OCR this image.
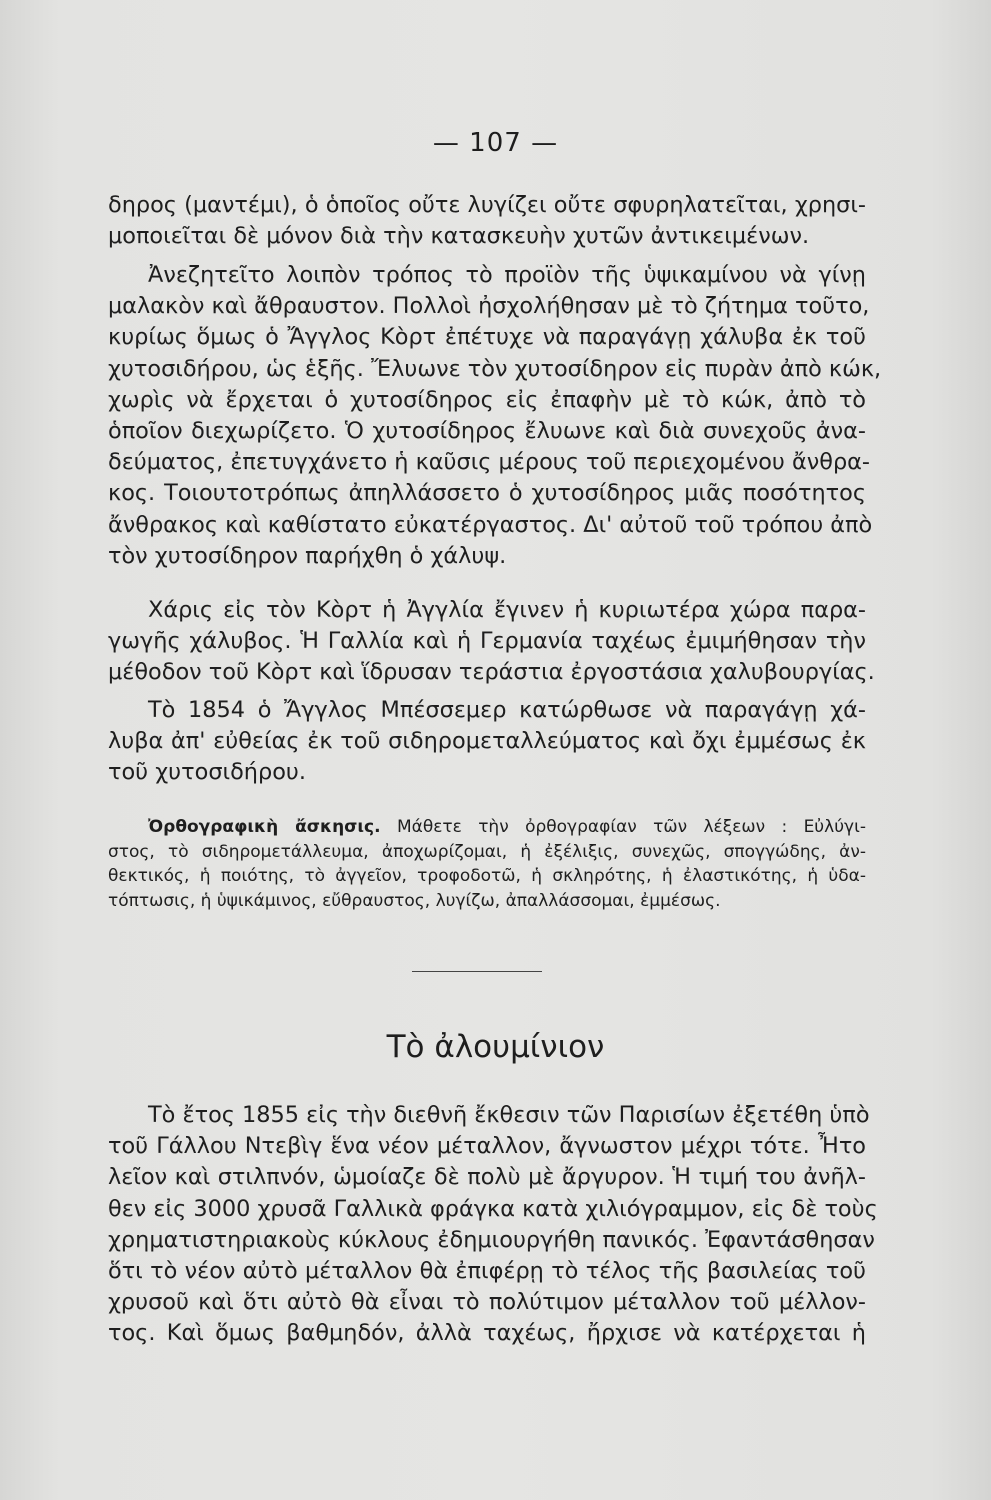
— 107 —
δηρος (μαντέμι), ὁ ὁποῖος οὔτε λυγίζει οὔτε σφυρηλατεῖται, χρησι-
μοποιεῖται δὲ μόνον διὰ τὴν κατασκευὴν χυτῶν ἀντικειμένων.
Ἀνεζητεῖτο λοιπὸν τρόπος τὸ προϊὸν τῆς ὑψικαμίνου νὰ γίνῃ
μαλακὸν καὶ ἄθραυστον. Πολλοὶ ἠσχολήθησαν μὲ τὸ ζήτημα τοῦτο,
κυρίως ὅμως ὁ Ἄγγλος Κὸρτ ἐπέτυχε νὰ παραγάγῃ χάλυβα ἐκ τοῦ
χυτοσιδήρου, ὡς ἑξῆς. Ἔλυωνε τὸν χυτοσίδηρον εἰς πυρὰν ἀπὸ κώκ,
χωρὶς νὰ ἔρχεται ὁ χυτοσίδηρος εἰς ἐπαφὴν μὲ τὸ κώκ, ἀπὸ τὸ
ὁποῖον διεχωρίζετο. Ὁ χυτοσίδηρος ἔλυωνε καὶ διὰ συνεχοῦς ἀνα-
δεύματος, ἐπετυγχάνετο ἡ καῦσις μέρους τοῦ περιεχομένου ἄνθρα-
κος. Τοιουτοτρόπως ἀπηλλάσσετο ὁ χυτοσίδηρος μιᾶς ποσότητος
ἄνθρακος καὶ καθίστατο εὐκατέργαστος. Δι' αὐτοῦ τοῦ τρόπου ἀπὸ
τὸν χυτοσίδηρον παρήχθη ὁ χάλυψ.
Χάρις εἰς τὸν Κὸρτ ἡ Ἀγγλία ἔγινεν ἡ κυριωτέρα χώρα παρα-
γωγῆς χάλυβος. Ἡ Γαλλία καὶ ἡ Γερμανία ταχέως ἐμιμήθησαν τὴν
μέθοδον τοῦ Κὸρτ καὶ ἵδρυσαν τεράστια ἐργοστάσια χαλυβουργίας.
Τὸ 1854 ὁ Ἄγγλος Μπέσσεμερ κατώρθωσε νὰ παραγάγῃ χά-
λυβα ἀπ' εὐθείας ἐκ τοῦ σιδηρομεταλλεύματος καὶ ὄχι ἐμμέσως ἐκ
τοῦ χυτοσιδήρου.
Ὀρθογραφικὴ ἄσκησις. Μάθετε τὴν ὀρθογραφίαν τῶν λέξεων : Εὐλύγι-
στος, τὸ σιδηρομετάλλευμα, ἀποχωρίζομαι, ἡ ἐξέλιξις, συνεχῶς, σπογγώδης, ἀν-
θεκτικός, ἡ ποιότης, τὸ ἀγγεῖον, τροφοδοτῶ, ἡ σκληρότης, ἡ ἐλαστικότης, ἡ ὑδα-
τόπτωσις, ἡ ὑψικάμινος, εὔθραυστος, λυγίζω, ἀπαλλάσσομαι, ἐμμέσως.
Τὸ ἀλουμίνιον
Τὸ ἔτος 1855 εἰς τὴν διεθνῆ ἔκθεσιν τῶν Παρισίων ἐξετέθη ὑπὸ
τοῦ Γάλλου Ντεβὶγ ἕνα νέον μέταλλον, ἄγνωστον μέχρι τότε. Ἦτο
λεῖον καὶ στιλπνόν, ὡμοίαζε δὲ πολὺ μὲ ἄργυρον. Ἡ τιμή του ἀνῆλ-
θεν εἰς 3000 χρυσᾶ Γαλλικὰ φράγκα κατὰ χιλιόγραμμον, εἰς δὲ τοὺς
χρηματιστηριακοὺς κύκλους ἐδημιουργήθη πανικός. Ἐφαντάσθησαν
ὅτι τὸ νέον αὐτὸ μέταλλον θὰ ἐπιφέρῃ τὸ τέλος τῆς βασιλείας τοῦ
χρυσοῦ καὶ ὅτι αὐτὸ θὰ εἶναι τὸ πολύτιμον μέταλλον τοῦ μέλλον-
τος. Καὶ ὅμως βαθμηδόν, ἀλλὰ ταχέως, ἤρχισε νὰ κατέρχεται ἡ
